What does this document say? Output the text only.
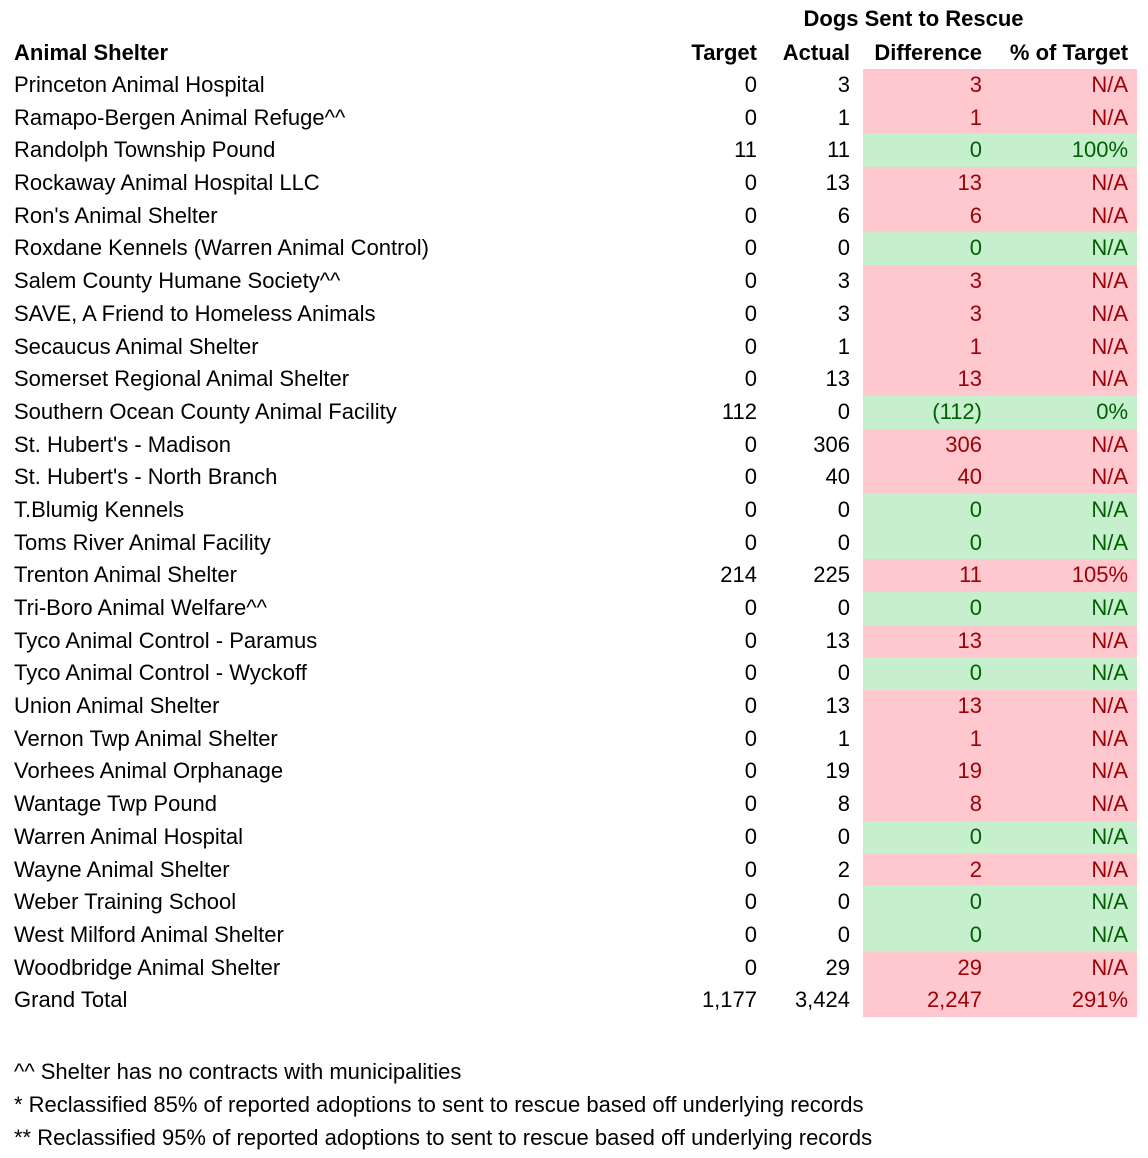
	Dogs Sent to Rescue					
Animal Shelter	Target	Actual		Difference	% of Target	
Princeton Animal Hospital	0	3		3	N/A	
Ramapo-Bergen Animal Refuge^^	0	1		1	N/A	
Randolph Township Pound	11	11		0	100%	
Rockaway Animal Hospital LLC	0	13		13	N/A	
Ron's Animal Shelter	0	6		6	N/A	
Roxdane Kennels (Warren Animal Control)	0	0		0	N/A	
Salem County Humane Society^^	0	3		3	N/A	
SAVE, A Friend to Homeless Animals	0	3		3	N/A	
Secaucus Animal Shelter	0	1		1	N/A	
Somerset Regional Animal Shelter	0	13		13	N/A	
Southern Ocean County Animal Facility	112	0		(112)	0%	
St. Hubert's - Madison	0	306		306	N/A	
St. Hubert's - North Branch	0	40		40	N/A	
T.Blumig Kennels	0	0		0	N/A	
Toms River Animal Facility	0	0		0	N/A	
Trenton Animal Shelter	214	225		11	105%	
Tri-Boro Animal Welfare^^	0	0		0	N/A	
Tyco Animal Control - Paramus	0	13		13	N/A	
Tyco Animal Control - Wyckoff	0	0		0	N/A	
Union Animal Shelter	0	13		13	N/A	
Vernon Twp Animal Shelter	0	1		1	N/A	
Vorhees Animal Orphanage	0	19		19	N/A	
Wantage Twp Pound	0	8		8	N/A	
Warren Animal Hospital	0	0		0	N/A	
Wayne Animal Shelter	0	2		2	N/A	
Weber Training School	0	0		0	N/A	
West Milford Animal Shelter	0	0		0	N/A	
Woodbridge Animal Shelter	0	29		29	N/A	
Grand Total	1,177	3,424		2,247	291%	
^^ Shelter has no contracts with municipalities
* Reclassified 85% of reported adoptions to sent to rescue based off underlying records
** Reclassified 95% of reported adoptions to sent to rescue based off underlying records
